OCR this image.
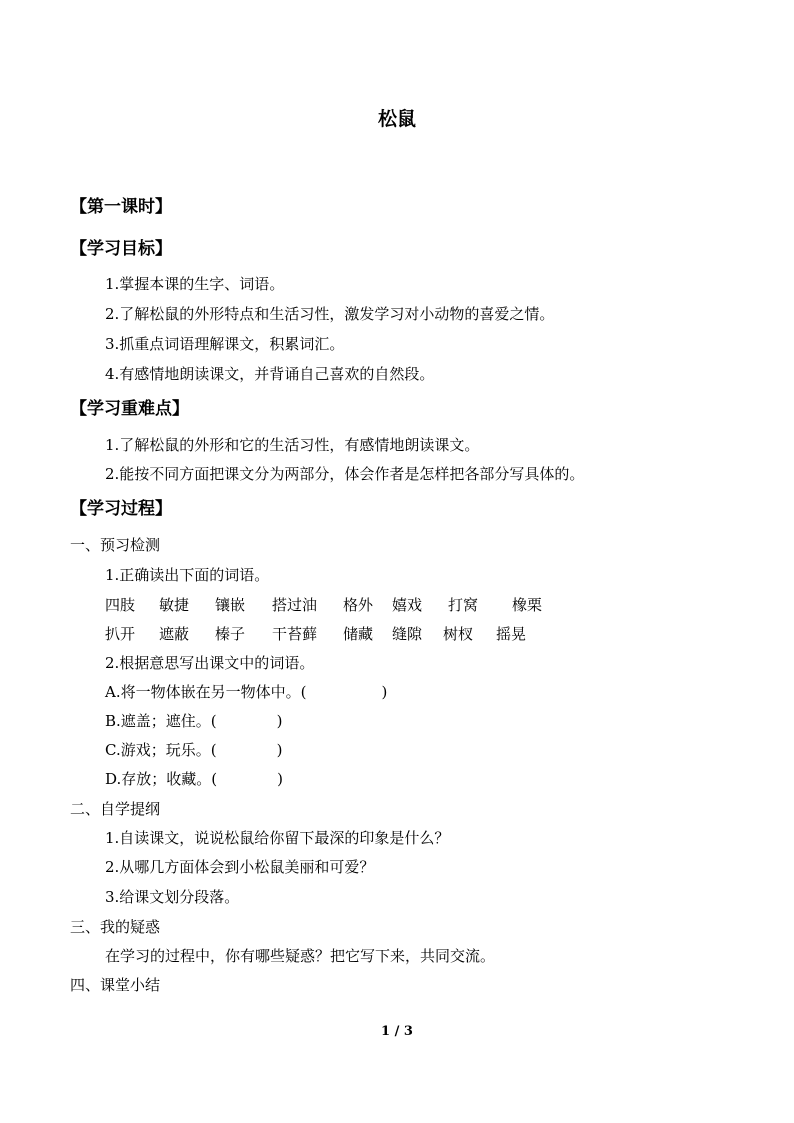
松鼠
【第一课时】
【学习目标】
1.掌握本课的生字、词语。
2.了解松鼠的外形特点和生活习性，激发学习对小动物的喜爱之情。
3.抓重点词语理解课文，积累词汇。
4.有感情地朗读课文，并背诵自己喜欢的自然段。
【学习重难点】
1.了解松鼠的外形和它的生活习性，有感情地朗读课文。
2.能按不同方面把课文分为两部分，体会作者是怎样把各部分写具体的。
【学习过程】
一、预习检测
1.正确读出下面的词语。
四肢 敏捷 镶嵌 搭过油 格外 嬉戏 打窝 橡栗
扒开 遮蔽 榛子 干苔藓 储藏 缝隙 树杈 摇晃
2.根据意思写出课文中的词语。
A.将一物体嵌在另一物体中。(　　　　　)
B.遮盖；遮住。(　　　　)
C.游戏；玩乐。(　　　　)
D.存放；收藏。(　　　　)
二、自学提纲
1.自读课文，说说松鼠给你留下最深的印象是什么？
2.从哪几方面体会到小松鼠美丽和可爱？
3.给课文划分段落。
三、我的疑惑
在学习的过程中，你有哪些疑惑？把它写下来，共同交流。
四、课堂小结
1 / 3
